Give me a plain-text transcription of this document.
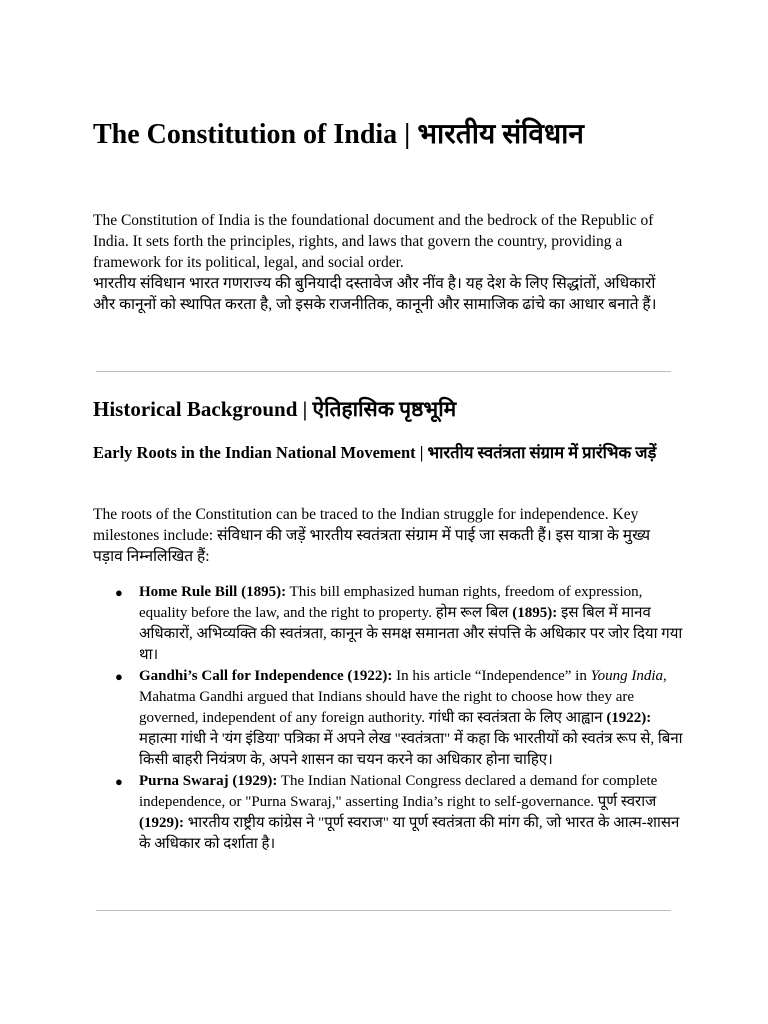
The Constitution of India | भारतीय संविधान

The Constitution of India is the foundational document and the bedrock of the Republic of India. It sets forth the principles, rights, and laws that govern the country, providing a framework for its political, legal, and social order.
भारतीय संविधान भारत गणराज्य की बुनियादी दस्तावेज और नींव है। यह देश के लिए सिद्धांतों, अधिकारों और कानूनों को स्थापित करता है, जो इसके राजनीतिक, कानूनी और सामाजिक ढांचे का आधार बनाते हैं।

Historical Background | ऐतिहासिक पृष्ठभूमि
Early Roots in the Indian National Movement | भारतीय स्वतंत्रता संग्राम में प्रारंभिक जड़ें

The roots of the Constitution can be traced to the Indian struggle for independence. Key milestones include: संविधान की जड़ें भारतीय स्वतंत्रता संग्राम में पाई जा सकती हैं। इस यात्रा के मुख्य पड़ाव निम्नलिखित हैं:

● Home Rule Bill (1895): This bill emphasized human rights, freedom of expression, equality before the law, and the right to property. होम रूल बिल (1895): इस बिल में मानव अधिकारों, अभिव्यक्ति की स्वतंत्रता, कानून के समक्ष समानता और संपत्ति के अधिकार पर जोर दिया गया था।
● Gandhi’s Call for Independence (1922): In his article “Independence” in Young India, Mahatma Gandhi argued that Indians should have the right to choose how they are governed, independent of any foreign authority. गांधी का स्वतंत्रता के लिए आह्वान (1922): महात्मा गांधी ने 'यंग इंडिया' पत्रिका में अपने लेख "स्वतंत्रता" में कहा कि भारतीयों को स्वतंत्र रूप से, बिना किसी बाहरी नियंत्रण के, अपने शासन का चयन करने का अधिकार होना चाहिए।
● Purna Swaraj (1929): The Indian National Congress declared a demand for complete independence, or "Purna Swaraj," asserting India’s right to self-governance. पूर्ण स्वराज (1929): भारतीय राष्ट्रीय कांग्रेस ने "पूर्ण स्वराज" या पूर्ण स्वतंत्रता की मांग की, जो भारत के आत्म-शासन के अधिकार को दर्शाता है।
